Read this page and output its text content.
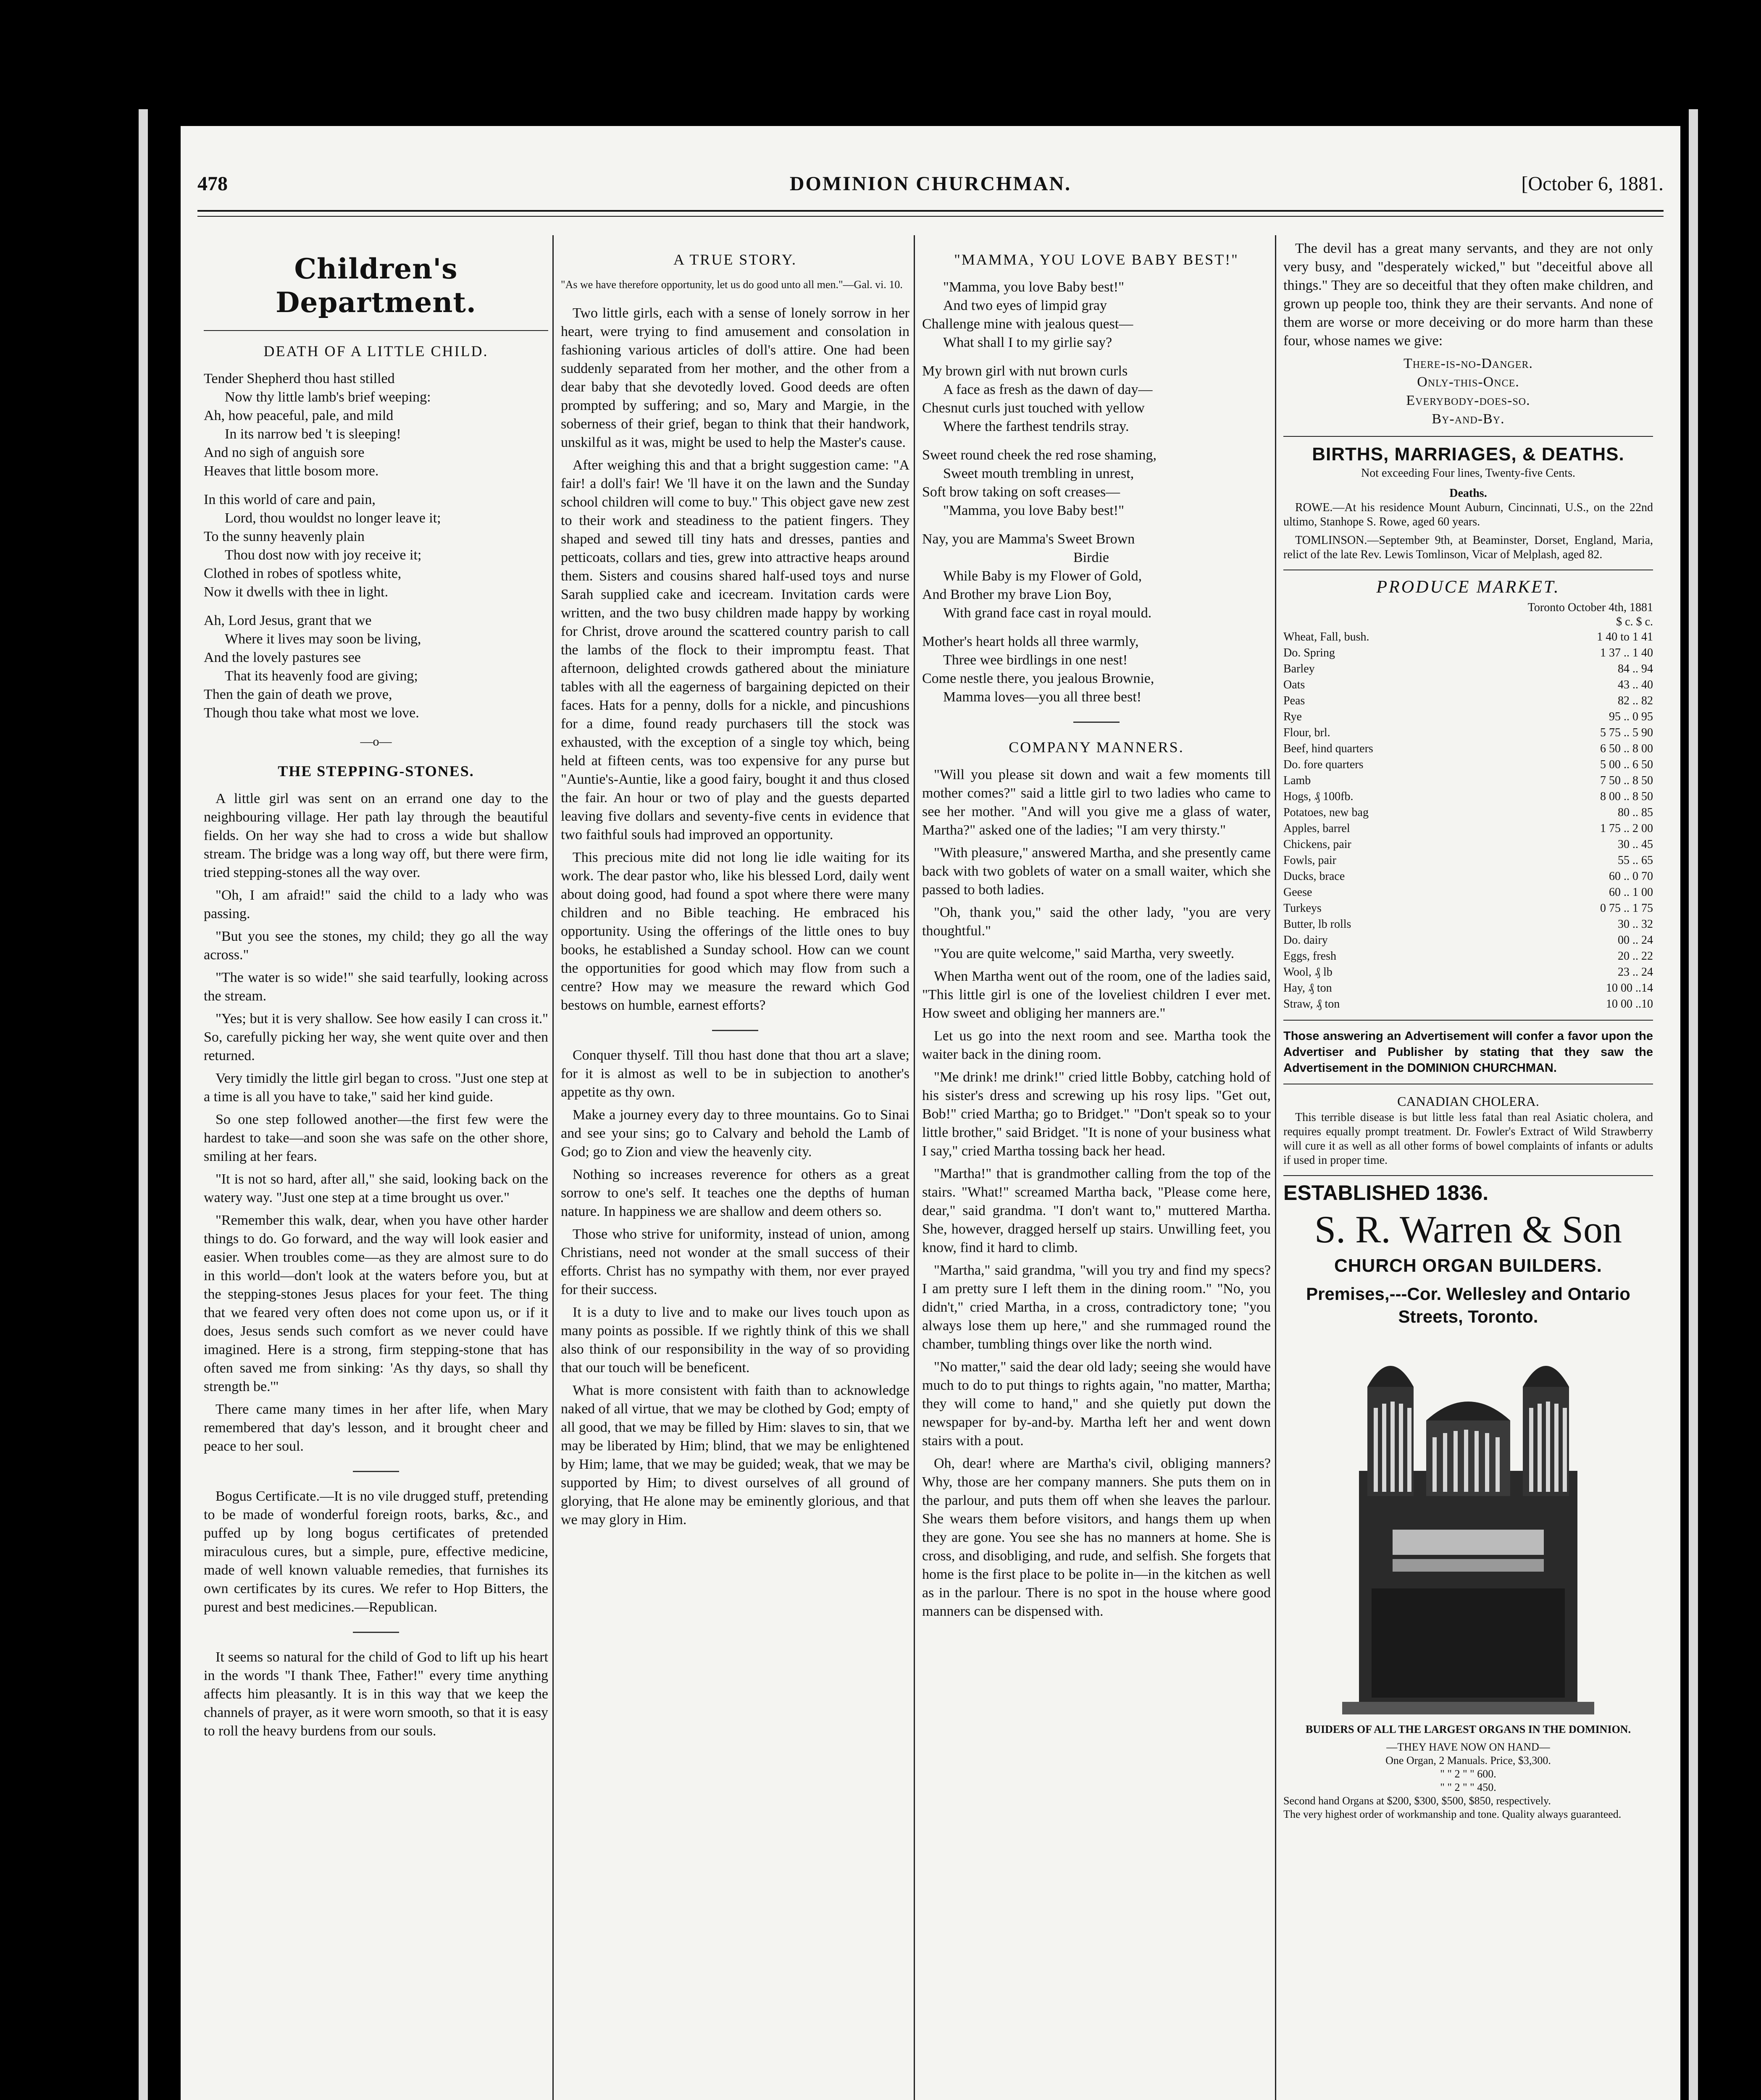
478	DOMINION CHURCHMAN.	[October 6, 1881.
Children's Department.
DEATH OF A LITTLE CHILD.
Tender Shepherd thou hast stilled
Now thy little lamb's brief weeping:
Ah, how peaceful, pale, and mild
In its narrow bed 't is sleeping!
And no sigh of anguish sore
Heaves that little bosom more.
In this world of care and pain,
Lord, thou wouldst no longer leave it;
To the sunny heavenly plain
Thou dost now with joy receive it;
Clothed in robes of spotless white,
Now it dwells with thee in light.
Ah, Lord Jesus, grant that we
Where it lives may soon be living,
And the lovely pastures see
That its heavenly food are giving;
Then the gain of death we prove,
Though thou take what most we love.
—o—
THE STEPPING-STONES.

A little girl was sent on an errand one day to the neighbouring village. Her path lay through the beautiful fields. On her way she had to cross a wide but shallow stream. The bridge was a long way off, but there were firm, tried stepping-stones all the way over.

"Oh, I am afraid!" said the child to a lady who was passing.

"But you see the stones, my child; they go all the way across."

"The water is so wide!" she said tearfully, looking across the stream.

"Yes; but it is very shallow. See how easily I can cross it." So, carefully picking her way, she went quite over and then returned.

Very timidly the little girl began to cross. "Just one step at a time is all you have to take," said her kind guide.

So one step followed another—the first few were the hardest to take—and soon she was safe on the other shore, smiling at her fears.

"It is not so hard, after all," she said, looking back on the watery way. "Just one step at a time brought us over."

"Remember this walk, dear, when you have other harder things to do. Go forward, and the way will look easier and easier. When troubles come—as they are almost sure to do in this world—don't look at the waters before you, but at the stepping-stones Jesus places for your feet. The thing that we feared very often does not come upon us, or if it does, Jesus sends such comfort as we never could have imagined. Here is a strong, firm stepping-stone that has often saved me from sinking: 'As thy days, so shall thy strength be.'"

There came many times in her after life, when Mary remembered that day's lesson, and it brought cheer and peace to her soul.

Bogus Certificate.—It is no vile drugged stuff, pretending to be made of wonderful foreign roots, barks, &c., and puffed up by long bogus certificates of pretended miraculous cures, but a simple, pure, effective medicine, made of well known valuable remedies, that furnishes its own certificates by its cures. We refer to Hop Bitters, the purest and best medicines.—Republican.

It seems so natural for the child of God to lift up his heart in the words "I thank Thee, Father!" every time anything affects him pleasantly. It is in this way that we keep the channels of prayer, as it were worn smooth, so that it is easy to roll the heavy burdens from our souls.

A TRUE STORY.
"As we have therefore opportunity, let us do good unto all men."—Gal. vi. 10.

Two little girls, each with a sense of lonely sorrow in her heart, were trying to find amusement and consolation in fashioning various articles of doll's attire. One had been suddenly separated from her mother, and the other from a dear baby that she devotedly loved. Good deeds are often prompted by suffering; and so, Mary and Margie, in the soberness of their grief, began to think that their handwork, unskilful as it was, might be used to help the Master's cause.

After weighing this and that a bright suggestion came: "A fair! a doll's fair! We 'll have it on the lawn and the Sunday school children will come to buy." This object gave new zest to their work and steadiness to the patient fingers. They shaped and sewed till tiny hats and dresses, panties and petticoats, collars and ties, grew into attractive heaps around them. Sisters and cousins shared half-used toys and nurse Sarah supplied cake and icecream. Invitation cards were written, and the two busy children made happy by working for Christ, drove around the scattered country parish to call the lambs of the flock to their impromptu feast. That afternoon, delighted crowds gathered about the miniature tables with all the eagerness of bargaining depicted on their faces. Hats for a penny, dolls for a nickle, and pincushions for a dime, found ready purchasers till the stock was exhausted, with the exception of a single toy which, being held at fifteen cents, was too expensive for any purse but "Auntie's-Auntie, like a good fairy, bought it and thus closed the fair. An hour or two of play and the guests departed leaving five dollars and seventy-five cents in evidence that two faithful souls had improved an opportunity.

This precious mite did not long lie idle waiting for its work. The dear pastor who, like his blessed Lord, daily went about doing good, had found a spot where there were many children and no Bible teaching. He embraced his opportunity. Using the offerings of the little ones to buy books, he established a Sunday school. How can we count the opportunities for good which may flow from such a centre? How may we measure the reward which God bestows on humble, earnest efforts?

Conquer thyself. Till thou hast done that thou art a slave; for it is almost as well to be in subjection to another's appetite as thy own.

Make a journey every day to three mountains. Go to Sinai and see your sins; go to Calvary and behold the Lamb of God; go to Zion and view the heavenly city.

Nothing so increases reverence for others as a great sorrow to one's self. It teaches one the depths of human nature. In happiness we are shallow and deem others so.

Those who strive for uniformity, instead of union, among Christians, need not wonder at the small success of their efforts. Christ has no sympathy with them, nor ever prayed for their success.

It is a duty to live and to make our lives touch upon as many points as possible. If we rightly think of this we shall also think of our responsibility in the way of so providing that our touch will be beneficent.

What is more consistent with faith than to acknowledge naked of all virtue, that we may be clothed by God; empty of all good, that we may be filled by Him: slaves to sin, that we may be liberated by Him; blind, that we may be enlightened by Him; lame, that we may be guided; weak, that we may be supported by Him; to divest ourselves of all ground of glorying, that He alone may be eminently glorious, and that we may glory in Him.

"MAMMA, YOU LOVE BABY BEST!"
"Mamma, you love Baby best!"
And two eyes of limpid gray
Challenge mine with jealous quest—
What shall I to my girlie say?
My brown girl with nut brown curls
A face as fresh as the dawn of day—
Chesnut curls just touched with yellow
Where the farthest tendrils stray.
Sweet round cheek the red rose shaming,
Sweet mouth trembling in unrest,
Soft brow taking on soft creases—
"Mamma, you love Baby best!"
Nay, you are Mamma's Sweet Brown
Birdie
While Baby is my Flower of Gold,
And Brother my brave Lion Boy,
With grand face cast in royal mould.
Mother's heart holds all three warmly,
Three wee birdlings in one nest!
Come nestle there, you jealous Brownie,
Mamma loves—you all three best!
COMPANY MANNERS.

"Will you please sit down and wait a few moments till mother comes?" said a little girl to two ladies who came to see her mother. "And will you give me a glass of water, Martha?" asked one of the ladies; "I am very thirsty."

"With pleasure," answered Martha, and she presently came back with two goblets of water on a small waiter, which she passed to both ladies.

"Oh, thank you," said the other lady, "you are very thoughtful."

"You are quite welcome," said Martha, very sweetly.

When Martha went out of the room, one of the ladies said, "This little girl is one of the loveliest children I ever met. How sweet and obliging her manners are."

Let us go into the next room and see. Martha took the waiter back in the dining room.

"Me drink! me drink!" cried little Bobby, catching hold of his sister's dress and screwing up his rosy lips. "Get out, Bob!" cried Martha; go to Bridget." "Don't speak so to your little brother," said Bridget. "It is none of your business what I say," cried Martha tossing back her head.

"Martha!" that is grandmother calling from the top of the stairs. "What!" screamed Martha back, "Please come here, dear," said grandma. "I don't want to," muttered Martha. She, however, dragged herself up stairs. Unwilling feet, you know, find it hard to climb.

"Martha," said grandma, "will you try and find my specs? I am pretty sure I left them in the dining room." "No, you didn't," cried Martha, in a cross, contradictory tone; "you always lose them up here," and she rummaged round the chamber, tumbling things over like the north wind.

"No matter," said the dear old lady; seeing she would have much to do to put things to rights again, "no matter, Martha; they will come to hand," and she quietly put down the newspaper for by-and-by. Martha left her and went down stairs with a pout.

Oh, dear! where are Martha's civil, obliging manners? Why, those are her company manners. She puts them on in the parlour, and puts them off when she leaves the parlour. She wears them before visitors, and hangs them up when they are gone. You see she has no manners at home. She is cross, and disobliging, and rude, and selfish. She forgets that home is the first place to be polite in—in the kitchen as well as in the parlour. There is no spot in the house where good manners can be dispensed with.

The devil has a great many servants, and they are not only very busy, and "desperately wicked," but "deceitful above all things." They are so deceitful that they often make children, and grown up people too, think they are their servants. And none of them are worse or more deceiving or do more harm than these four, whose names we give:

There-is-no-Danger.
Only-this-Once.
Everybody-does-so.
By-and-By.
BIRTHS, MARRIAGES, & DEATHS.
Not exceeding Four lines, Twenty-five Cents.
Deaths.

ROWE.—At his residence Mount Auburn, Cincinnati, U.S., on the 22nd ultimo, Stanhope S. Rowe, aged 60 years.

TOMLINSON.—September 9th, at Beaminster, Dorset, England, Maria, relict of the late Rev. Lewis Tomlinson, Vicar of Melplash, aged 82.

PRODUCE MARKET.
Toronto October 4th, 1881
$ c. $ c.
Wheat, Fall, bush.	1 40 to 1 41
Do. Spring	1 37 .. 1 40
Barley	84 .. 94
Oats	43 .. 40
Peas	82 .. 82
Rye	95 .. 0 95
Flour, brl.	5 75 .. 5 90
Beef, hind quarters	6 50 .. 8 00
Do. fore quarters	5 00 .. 6 50
Lamb	7 50 .. 8 50
Hogs, ₰ 100fb.	8 00 .. 8 50
Potatoes, new bag	80 .. 85
Apples, barrel	1 75 .. 2 00
Chickens, pair	30 .. 45
Fowls, pair	55 .. 65
Ducks, brace	60 .. 0 70
Geese	60 .. 1 00
Turkeys	0 75 .. 1 75
Butter, lb rolls	30 .. 32
Do. dairy	00 .. 24
Eggs, fresh	20 .. 22
Wool, ₰ lb	23 .. 24
Hay, ₰ ton	10 00 ..14
Straw, ₰ ton	10 00 ..10
Those answering an Advertisement will confer a favor upon the Advertiser and Publisher by stating that they saw the Advertisement in the DOMINION CHURCHMAN.
CANADIAN CHOLERA.

This terrible disease is but little less fatal than real Asiatic cholera, and requires equally prompt treatment. Dr. Fowler's Extract of Wild Strawberry will cure it as well as all other forms of bowel complaints of infants or adults if used in proper time.

ESTABLISHED 1836.
S. R. Warren & Son
CHURCH ORGAN BUILDERS.
Premises,---Cor. Wellesley and Ontario Streets, Toronto.
BUIDERS OF ALL THE LARGEST ORGANS IN THE DOMINION.
—THEY HAVE NOW ON HAND—
One Organ, 2 Manuals. Price, $3,300.
" " 2 " " 600.
" " 2 " " 450.
Second hand Organs at $200, $300, $500, $850, respectively.
The very highest order of workmanship and tone. Quality always guaranteed.
